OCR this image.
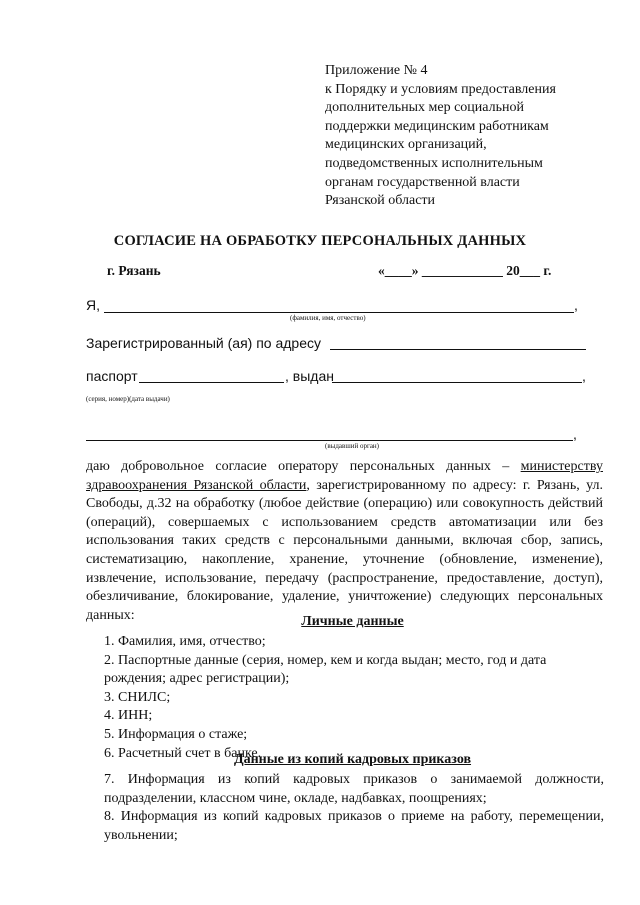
Приложение № 4
к Порядку и условиям предоставления
дополнительных мер социальной
поддержки медицинским работникам
медицинских организаций,
подведомственных исполнительным
органам государственной власти
Рязанской области
СОГЛАСИЕ НА ОБРАБОТКУ ПЕРСОНАЛЬНЫХ ДАННЫХ
г. Рязань	«____» ____________ 20___ г.
Я,	,
(фамилия, имя, отчество)
Зарегистрированный (ая) по адресу
паспорт	, выдан	,
(серия, номер)(дата выдачи)
,
(выдавший орган)
даю добровольное согласие оператору персональных данных – министерству здравоохранения Рязанской области, зарегистрированному по адресу: г. Рязань, ул. Свободы, д.32 на обработку (любое действие (операцию) или совокупность действий (операций), совершаемых с использованием средств автоматизации или без использования таких средств с персональными данными, включая сбор, запись, систематизацию, накопление, хранение, уточнение (обновление, изменение), извлечение, использование, передачу (распространение, предоставление, доступ), обезличивание, блокирование, удаление, уничтожение) следующих персональных данных:	Личные данные
1. Фамилия, имя, отчество;
2. Паспортные данные (серия, номер, кем и когда выдан; место, год и дата рождения; адрес регистрации);
3. СНИЛС;
4. ИНН;
5. Информация о стаже;
6. Расчетный счет в банке.
Данные из копий кадровых приказов
7. Информация из копий кадровых приказов о занимаемой должности, подразделении, классном чине, окладе, надбавках, поощрениях;
8. Информация из копий кадровых приказов о приеме на работу, перемещении, увольнении;
